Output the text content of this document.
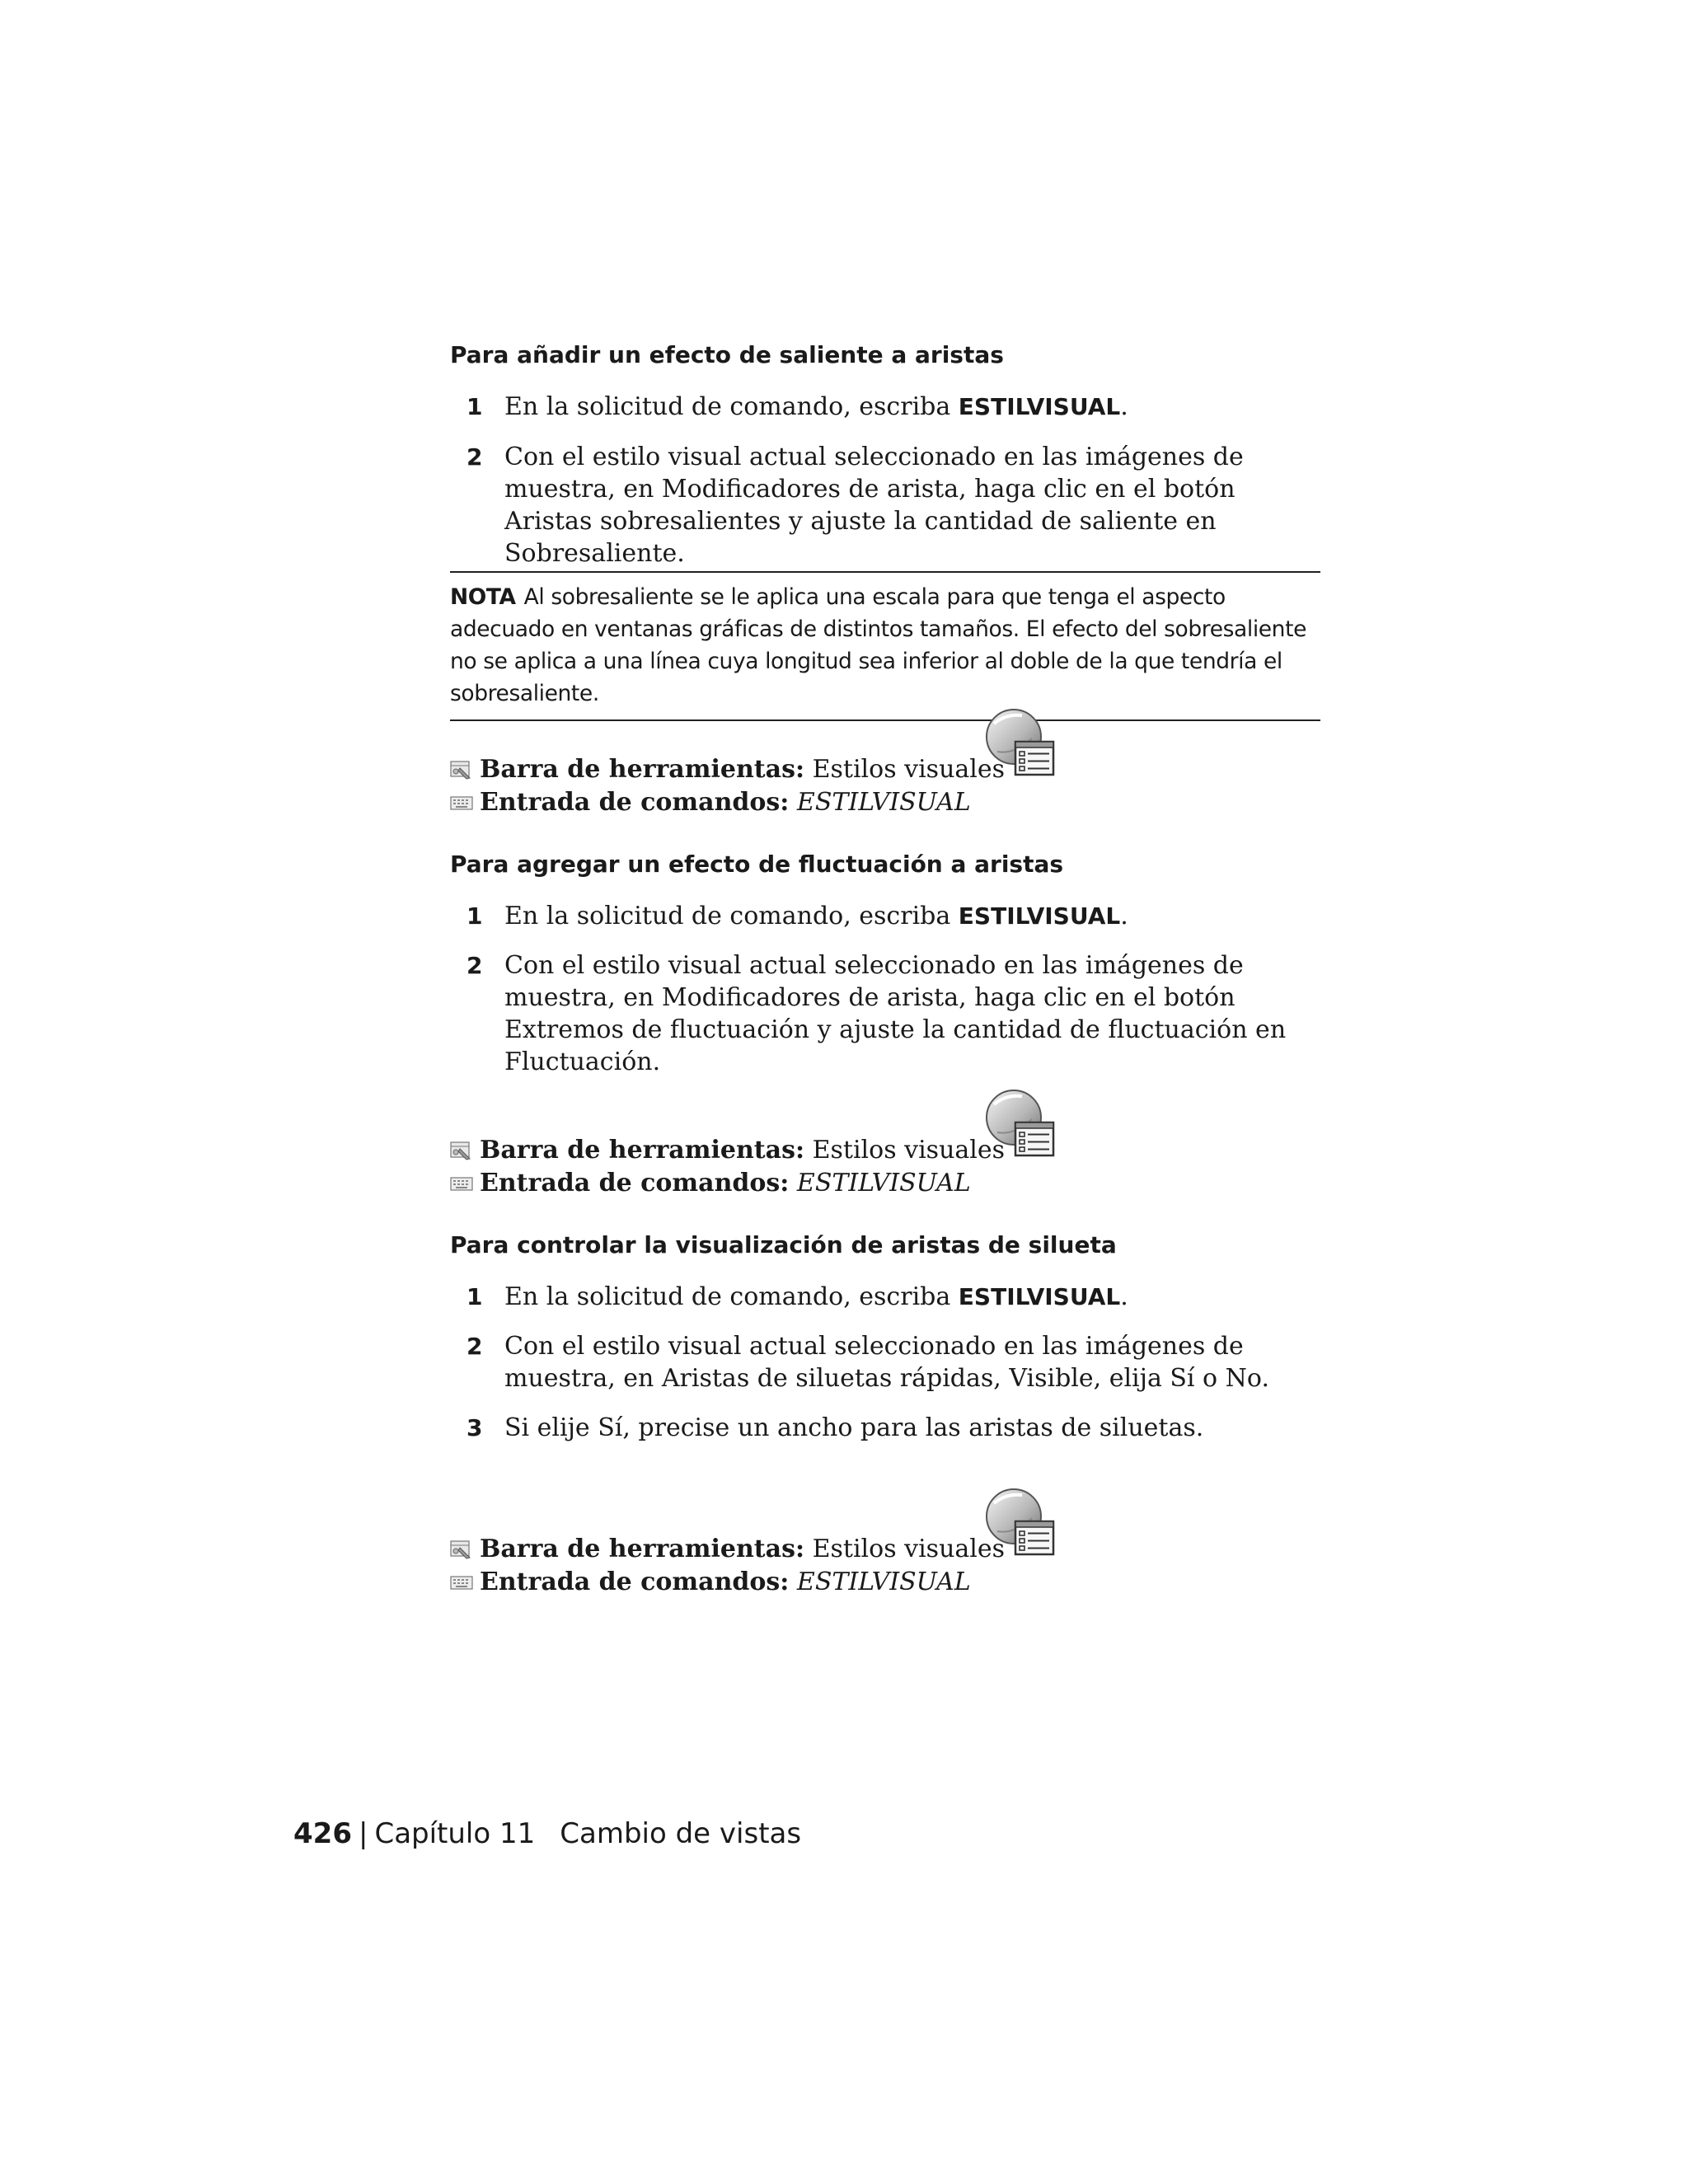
Para añadir un efecto de saliente a aristas
1 En la solicitud de comando, escriba ESTILVISUAL.
2 Con el estilo visual actual seleccionado en las imágenes de muestra, en Modificadores de arista, haga clic en el botón Aristas sobresalientes y ajuste la cantidad de saliente en Sobresaliente.
NOTA Al sobresaliente se le aplica una escala para que tenga el aspecto adecuado en ventanas gráficas de distintos tamaños. El efecto del sobresaliente no se aplica a una línea cuya longitud sea inferior al doble de la que tendría el sobresaliente.
Barra de herramientas: Estilos visuales
Entrada de comandos: ESTILVISUAL
Para agregar un efecto de fluctuación a aristas
1 En la solicitud de comando, escriba ESTILVISUAL.
2 Con el estilo visual actual seleccionado en las imágenes de muestra, en Modificadores de arista, haga clic en el botón Extremos de fluctuación y ajuste la cantidad de fluctuación en Fluctuación.
Barra de herramientas: Estilos visuales
Entrada de comandos: ESTILVISUAL
Para controlar la visualización de aristas de silueta
1 En la solicitud de comando, escriba ESTILVISUAL.
2 Con el estilo visual actual seleccionado en las imágenes de muestra, en Aristas de siluetas rápidas, Visible, elija Sí o No.
3 Si elije Sí, precise un ancho para las aristas de siluetas.
Barra de herramientas: Estilos visuales
Entrada de comandos: ESTILVISUAL
426 | Capítulo 11 Cambio de vistas
